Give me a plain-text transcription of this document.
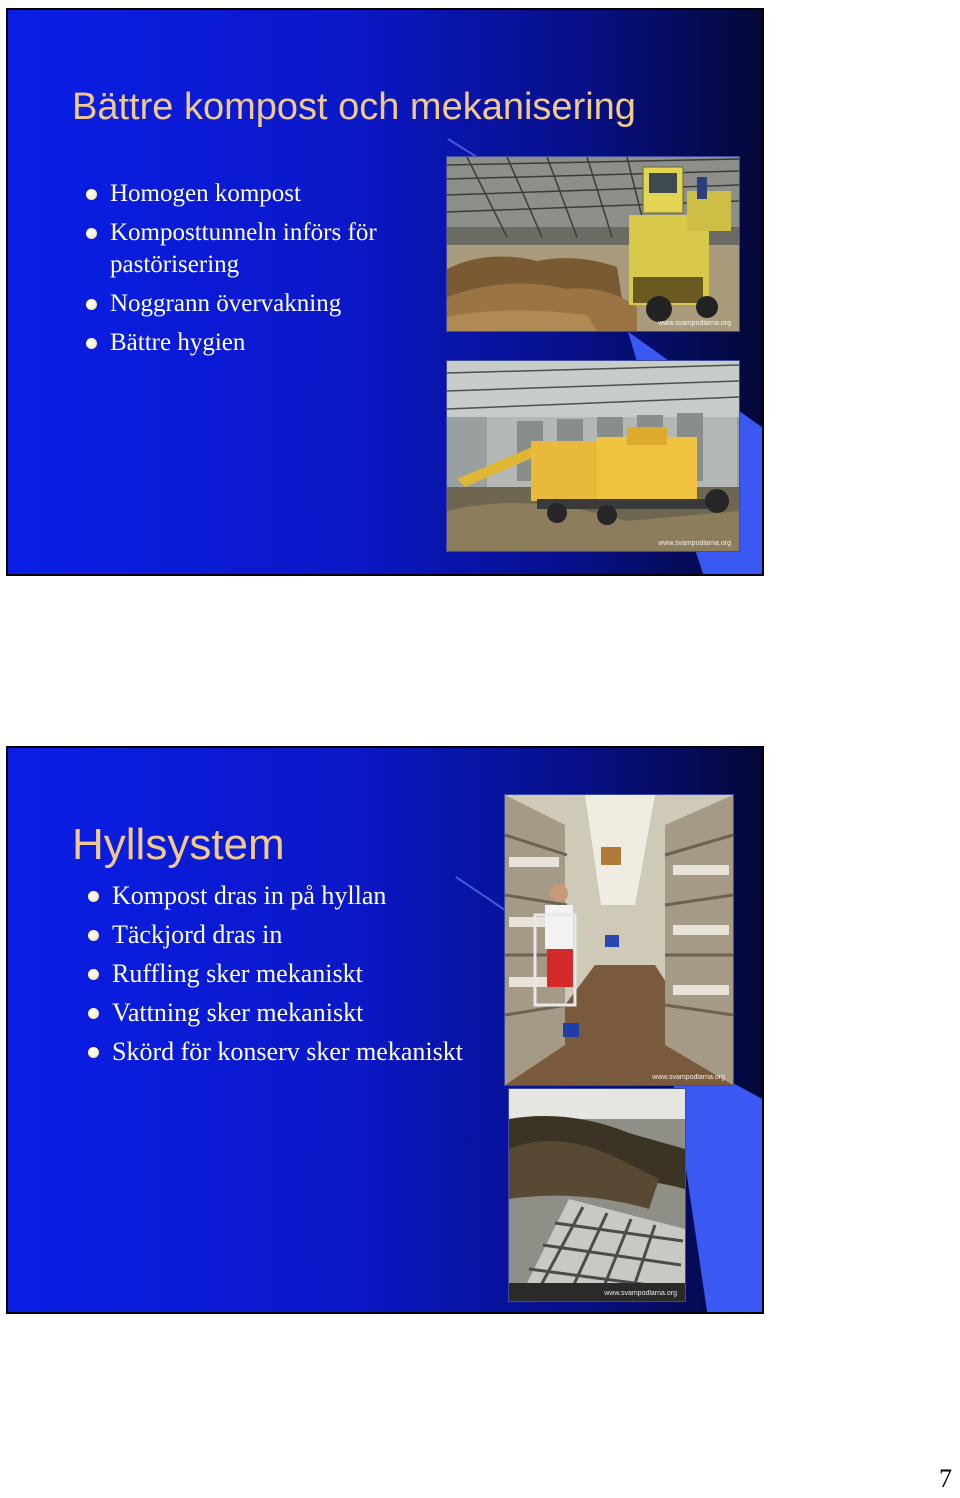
Bättre kompost och mekanisering
Homogen kompost
Komposttunneln införs för pastörisering
Noggrann övervakning
Bättre hygien
www.svampodlarna.org
www.svampodlarna.org
Hyllsystem
Kompost dras in på hyllan
Täckjord dras in
Ruffling sker mekaniskt
Vattning sker mekaniskt
Skörd för konserv sker mekaniskt
www.svampodlarna.org
www.svampodlarna.org
7
